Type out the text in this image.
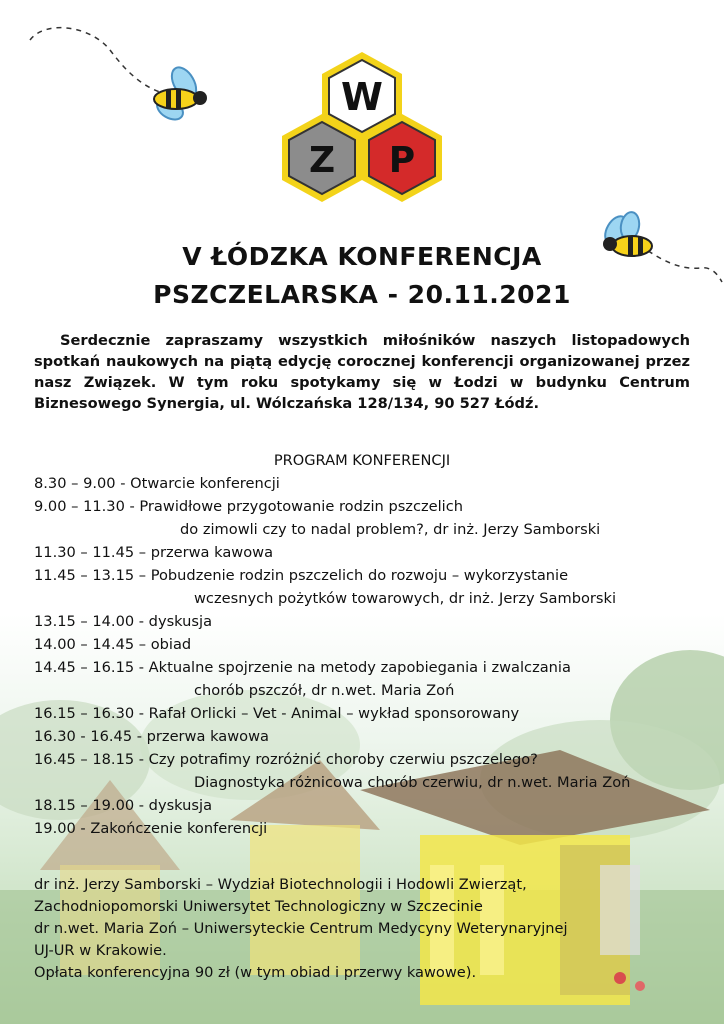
W
Z P
V ŁÓDZKA KONFERENCJA
PSZCZELARSKA - 20.11.2021
Serdecznie zapraszamy wszystkich miłośników naszych listopadowych spotkań naukowych na piątą edycję corocznej konferencji organizowanej przez nasz Związek. W tym roku spotykamy się w Łodzi w budynku Centrum Biznesowego Synergia, ul. Wólczańska 128/134, 90 527 Łódź.
PROGRAM KONFERENCJI
8.30 – 9.00 - Otwarcie konferencji
9.00 – 11.30 - Prawidłowe przygotowanie rodzin pszczelich
do zimowli czy to nadal problem?, dr inż. Jerzy Samborski
11.30 – 11.45 – przerwa kawowa
11.45 – 13.15 – Pobudzenie rodzin pszczelich do rozwoju – wykorzystanie
wczesnych pożytków towarowych, dr inż. Jerzy Samborski
13.15 – 14.00 - dyskusja
14.00 – 14.45 – obiad
14.45 – 16.15 - Aktualne spojrzenie na metody zapobiegania i zwalczania
chorób pszczół, dr n.wet. Maria Zoń
16.15 – 16.30 - Rafał Orlicki – Vet - Animal – wykład sponsorowany
16.30 - 16.45 - przerwa kawowa
16.45 – 18.15 - Czy potrafimy rozróżnić choroby czerwiu pszczelego?
Diagnostyka różnicowa chorób czerwiu, dr n.wet. Maria Zoń
18.15 – 19.00 - dyskusja
19.00 - Zakończenie konferencji
dr inż. Jerzy Samborski – Wydział Biotechnologii i Hodowli Zwierząt,
Zachodniopomorski Uniwersytet Technologiczny w Szczecinie
dr n.wet. Maria Zoń – Uniwersyteckie Centrum Medycyny Weterynaryjnej
UJ-UR w Krakowie.
Opłata konferencyjna 90 zł (w tym obiad i przerwy kawowe).
